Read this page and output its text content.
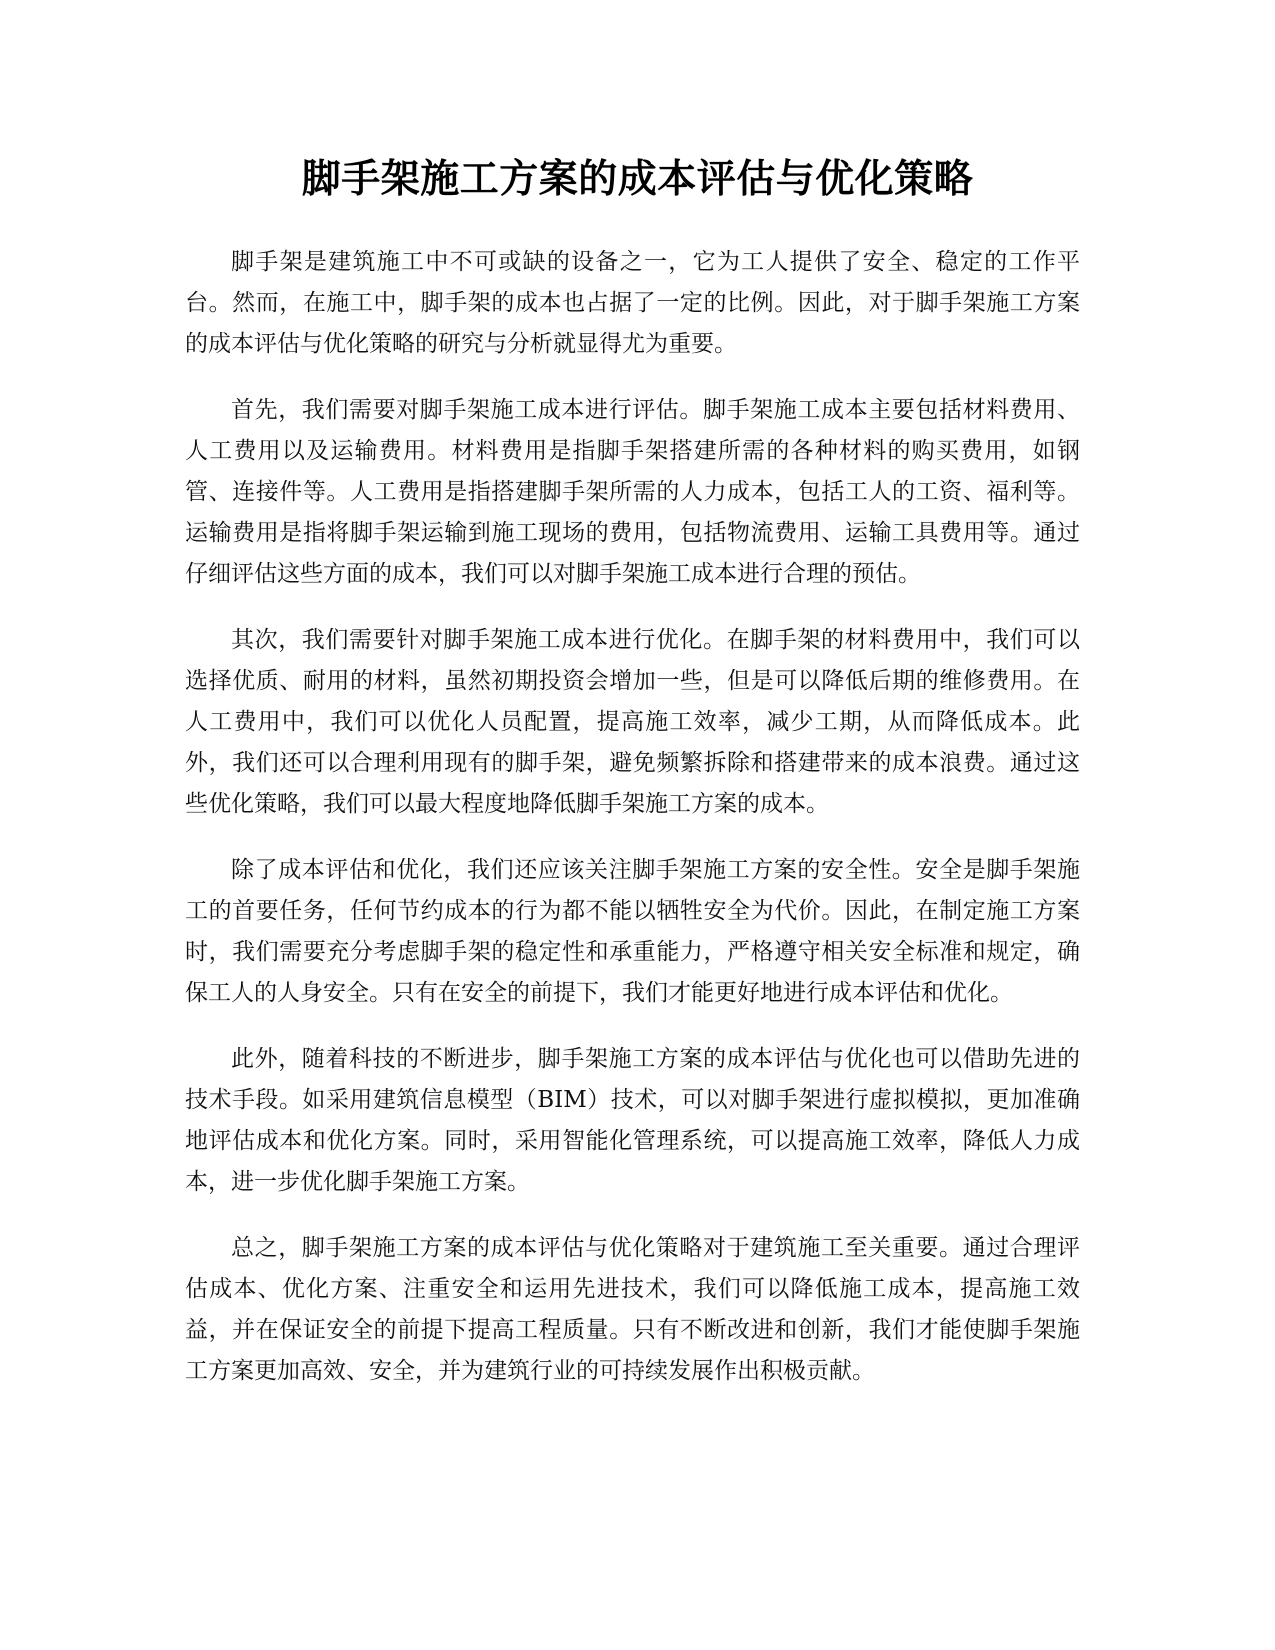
脚手架施工方案的成本评估与优化策略

脚手架是建筑施工中不可或缺的设备之一，它为工人提供了安全、稳定的工作平台。然而，在施工中，脚手架的成本也占据了一定的比例。因此，对于脚手架施工方案的成本评估与优化策略的研究与分析就显得尤为重要。

首先，我们需要对脚手架施工成本进行评估。脚手架施工成本主要包括材料费用、人工费用以及运输费用。材料费用是指脚手架搭建所需的各种材料的购买费用，如钢管、连接件等。人工费用是指搭建脚手架所需的人力成本，包括工人的工资、福利等。运输费用是指将脚手架运输到施工现场的费用，包括物流费用、运输工具费用等。通过仔细评估这些方面的成本，我们可以对脚手架施工成本进行合理的预估。

其次，我们需要针对脚手架施工成本进行优化。在脚手架的材料费用中，我们可以选择优质、耐用的材料，虽然初期投资会增加一些，但是可以降低后期的维修费用。在人工费用中，我们可以优化人员配置，提高施工效率，减少工期，从而降低成本。此外，我们还可以合理利用现有的脚手架，避免频繁拆除和搭建带来的成本浪费。通过这些优化策略，我们可以最大程度地降低脚手架施工方案的成本。

除了成本评估和优化，我们还应该关注脚手架施工方案的安全性。安全是脚手架施工的首要任务，任何节约成本的行为都不能以牺牲安全为代价。因此，在制定施工方案时，我们需要充分考虑脚手架的稳定性和承重能力，严格遵守相关安全标准和规定，确保工人的人身安全。只有在安全的前提下，我们才能更好地进行成本评估和优化。

此外，随着科技的不断进步，脚手架施工方案的成本评估与优化也可以借助先进的技术手段。如采用建筑信息模型（BIM）技术，可以对脚手架进行虚拟模拟，更加准确地评估成本和优化方案。同时，采用智能化管理系统，可以提高施工效率，降低人力成本，进一步优化脚手架施工方案。

总之，脚手架施工方案的成本评估与优化策略对于建筑施工至关重要。通过合理评估成本、优化方案、注重安全和运用先进技术，我们可以降低施工成本，提高施工效益，并在保证安全的前提下提高工程质量。只有不断改进和创新，我们才能使脚手架施工方案更加高效、安全，并为建筑行业的可持续发展作出积极贡献。
